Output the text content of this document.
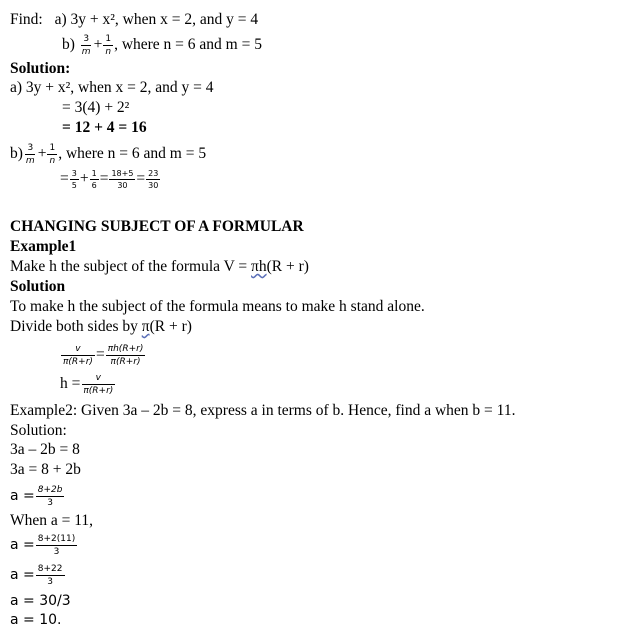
Find: a) 3y + x², when x = 2, and y = 4
$b) \frac{3}{m} + \frac{1}{n}$ , where n = 6 and m = 5
Solution:
a) 3y + x², when x = 2, and y = 4
= 3(4) + 2²
= 12 + 4 = 16
$b) \frac{3}{m} + \frac{1}{n}$ , where n = 6 and m = 5
= $\frac{3}{5} + \frac{1}{6} = \frac{18+5}{30} = \frac{23}{30}$
CHANGING SUBJECT OF A FORMULAR
Example1
Make h the subject of the formula V = πh(R + r)
Solution
To make h the subject of the formula means to make h stand alone.
Divide both sides by π(R + r)
$\frac{v}{\pi(R+r)} = \frac{\pi h(R+r)}{\pi(R+r)}$
$h = \frac{v}{\pi(R+r)}$
Example2: Given 3a – 2b = 8, express a in terms of b. Hence, find a when b = 11.
Solution:
3a – 2b = 8
3a = 8 + 2b
$a = \frac{8+2b}{3}$
When a = 11,
$a = \frac{8+2(11)}{3}$
$a = \frac{8+22}{3}$
a = 30/3
a = 10.
